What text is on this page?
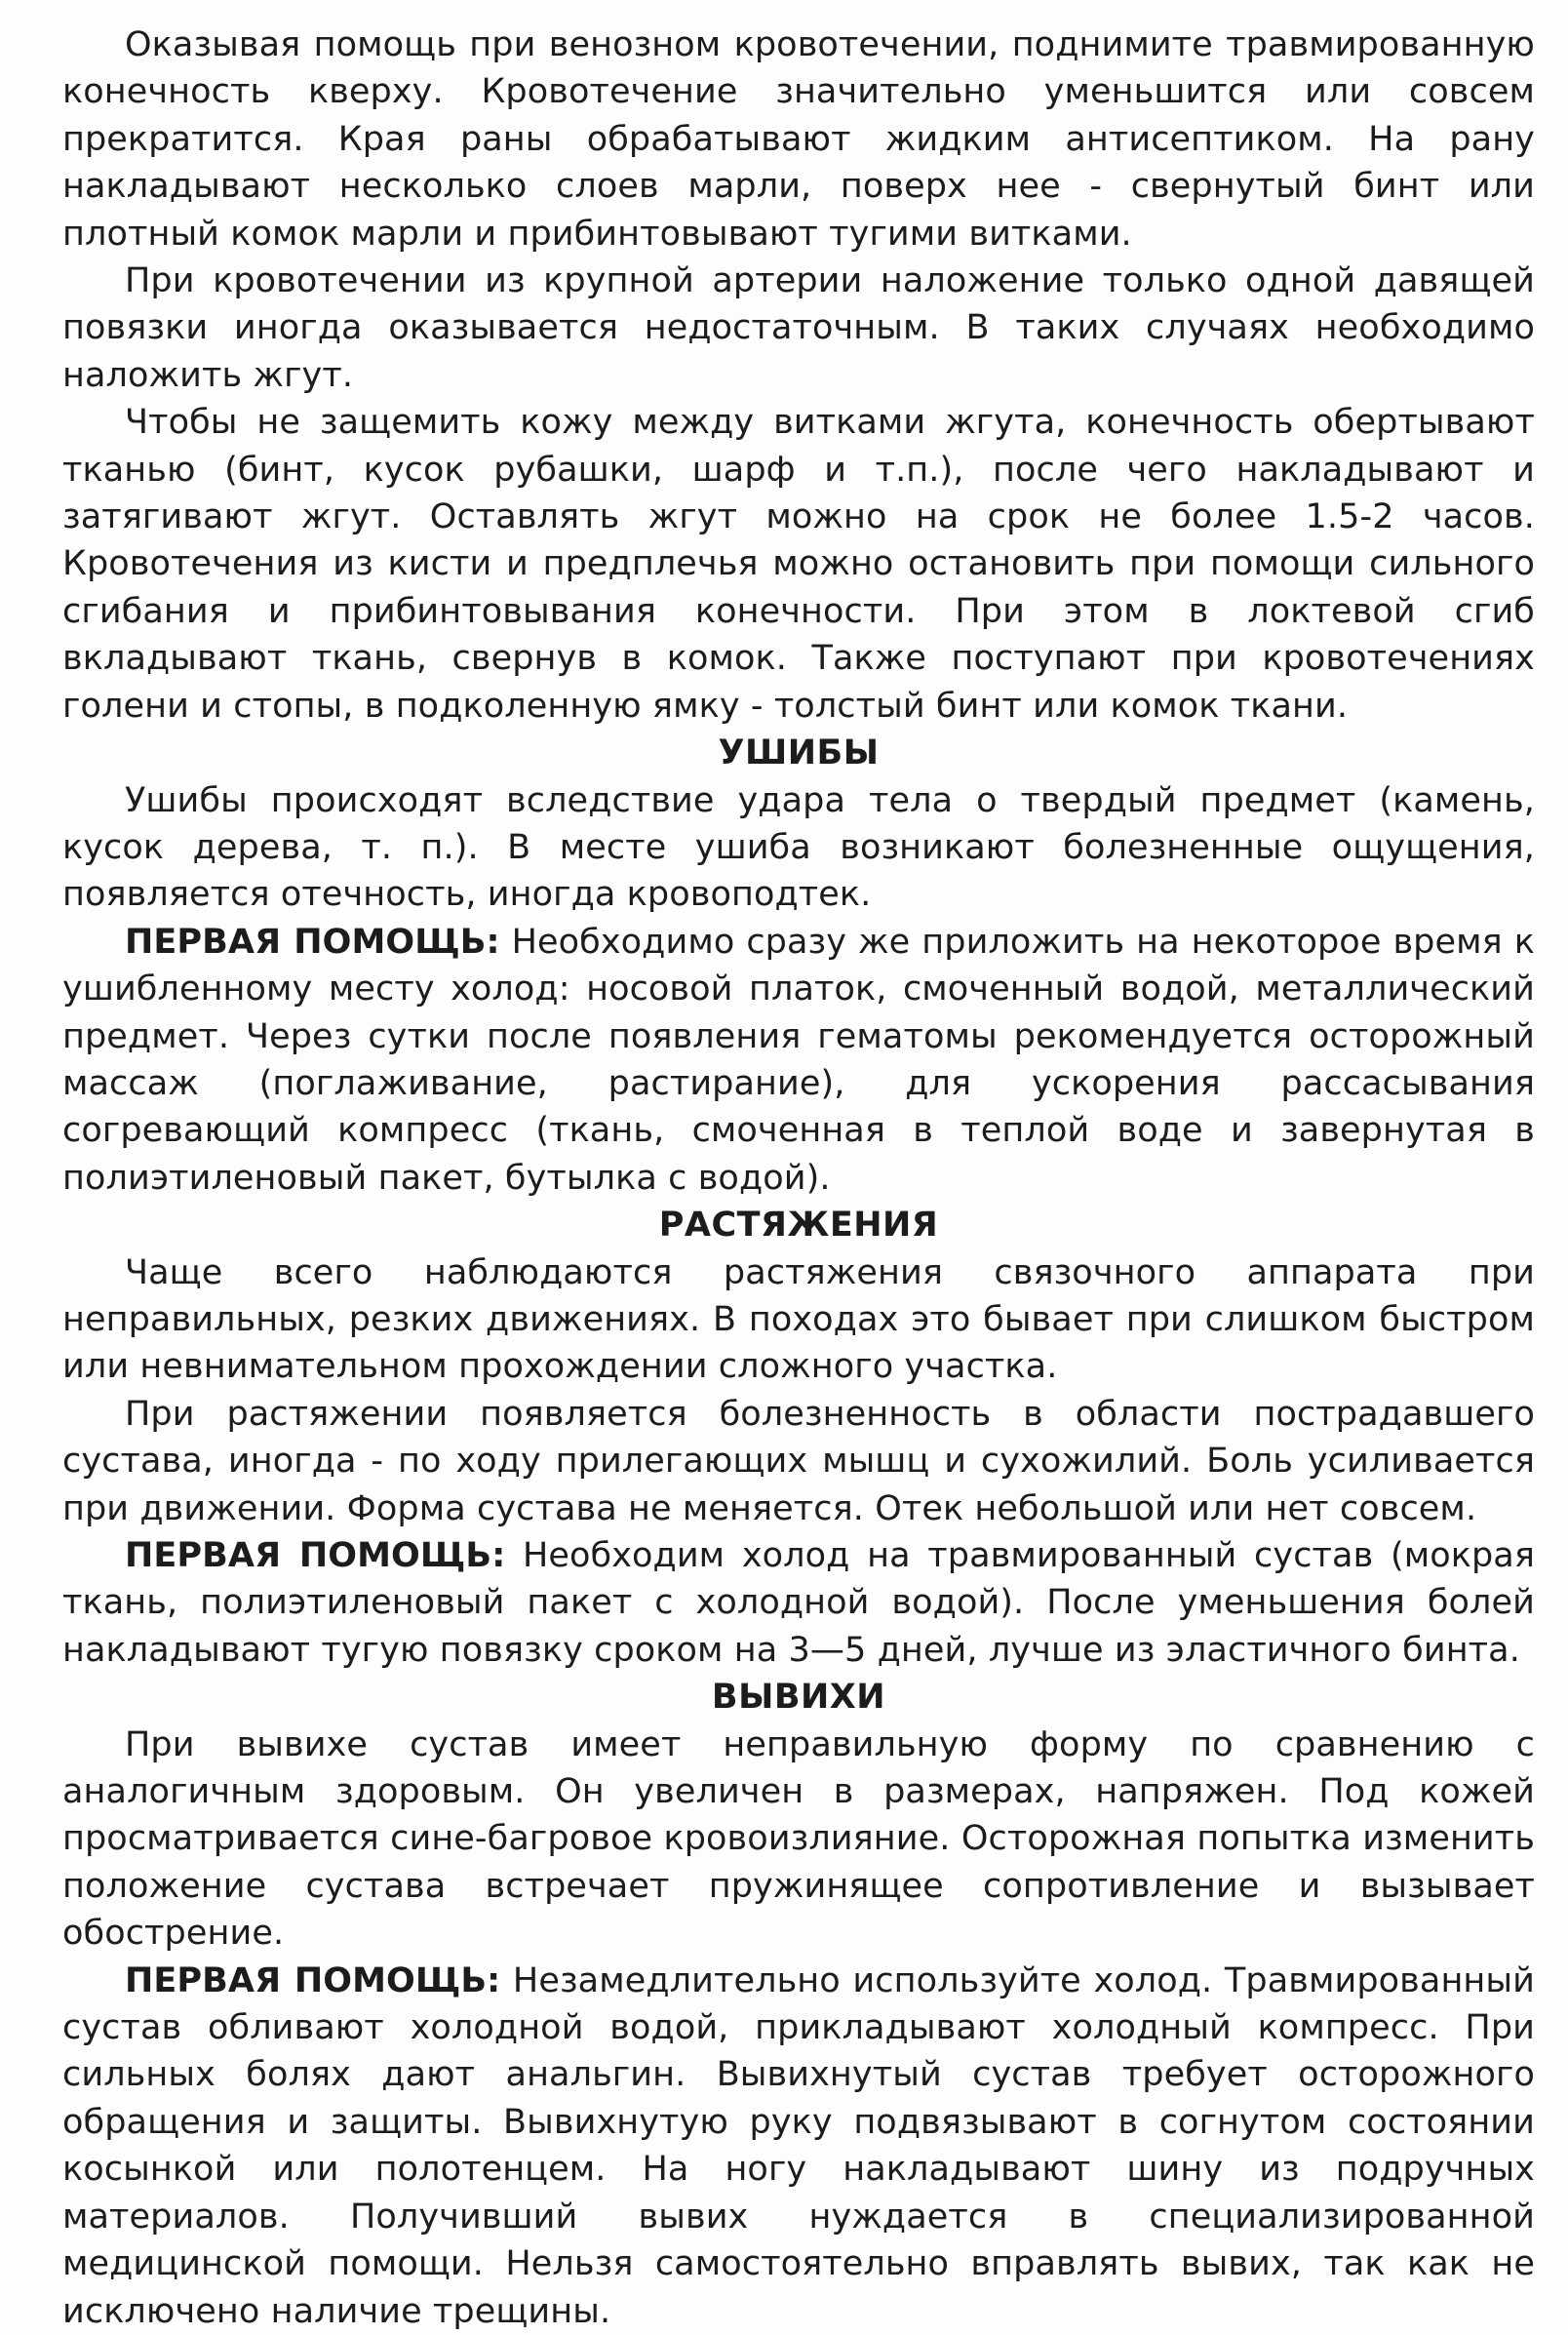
Оказывая помощь при венозном кровотечении, поднимите травмированную конечность кверху. Кровотечение значительно уменьшится или совсем прекратится. Края раны обрабатывают жидким антисептиком. На рану накладывают несколько слоев марли, поверх нее - свернутый бинт или плотный комок марли и прибинтовывают тугими витками.

При кровотечении из крупной артерии наложение только одной давящей повязки иногда оказывается недостаточным. В таких случаях необходимо наложить жгут.

Чтобы не защемить кожу между витками жгута, конечность обертывают тканью (бинт, кусок рубашки, шарф и т.п.), после чего накладывают и затягивают жгут. Оставлять жгут можно на срок не более 1.5-2 часов. Кровотечения из кисти и предплечья можно остановить при помощи сильного сгибания и прибинтовывания конечности. При этом в локтевой сгиб вкладывают ткань, свернув в комок. Также поступают при кровотечениях голени и стопы, в подколенную ямку - толстый бинт или комок ткани.

УШИБЫ

Ушибы происходят вследствие удара тела о твердый предмет (камень, кусок дерева, т. п.). В месте ушиба возникают болезненные ощущения, появляется отечность, иногда кровоподтек.

ПЕРВАЯ ПОМОЩЬ: Необходимо сразу же приложить на некоторое время к ушибленному месту холод: носовой платок, смоченный водой, металлический предмет. Через сутки после появления гематомы рекомендуется осторожный массаж (поглаживание, растирание), для ускорения рассасывания согревающий компресс (ткань, смоченная в теплой воде и завернутая в полиэтиленовый пакет, бутылка с водой).

РАСТЯЖЕНИЯ

Чаще всего наблюдаются растяжения связочного аппарата при неправильных, резких движениях. В походах это бывает при слишком быстром или невнимательном прохождении сложного участка.

При растяжении появляется болезненность в области пострадавшего сустава, иногда - по ходу прилегающих мышц и сухожилий. Боль усиливается при движении. Форма сустава не меняется. Отек небольшой или нет совсем.

ПЕРВАЯ ПОМОЩЬ: Необходим холод на травмированный сустав (мокрая ткань, полиэтиленовый пакет с холодной водой). После уменьшения болей накладывают тугую повязку сроком на 3—5 дней, лучше из эластичного бинта.

ВЫВИХИ

При вывихе сустав имеет неправильную форму по сравнению с аналогичным здоровым. Он увеличен в размерах, напряжен. Под кожей просматривается сине-багровое кровоизлияние. Осторожная попытка изменить положение сустава встречает пружинящее сопротивление и вызывает обострение.

ПЕРВАЯ ПОМОЩЬ: Незамедлительно используйте холод. Травмированный сустав обливают холодной водой, прикладывают холодный компресс. При сильных болях дают анальгин. Вывихнутый сустав требует осторожного обращения и защиты. Вывихнутую руку подвязывают в согнутом состоянии косынкой или полотенцем. На ногу накладывают шину из подручных материалов. Получивший вывих нуждается в специализированной медицинской помощи. Нельзя самостоятельно вправлять вывих, так как не исключено наличие трещины.
